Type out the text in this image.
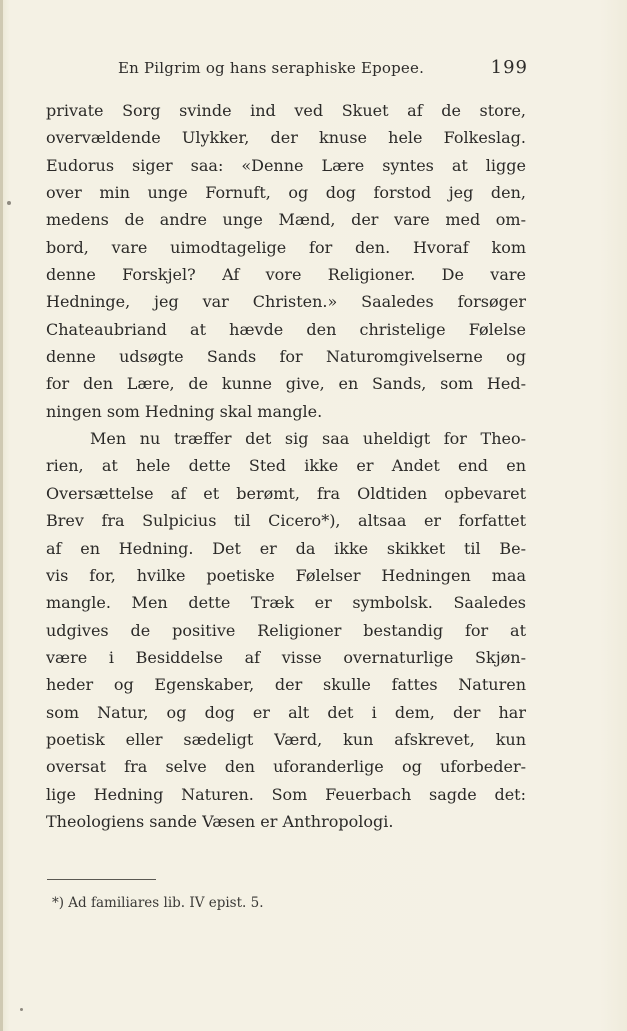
En Pilgrim og hans seraphiske Epopee.	199
private Sorg svinde ind ved Skuet af de store,
overvældende Ulykker, der knuse hele Folkeslag.
Eudorus siger saa: «Denne Lære syntes at ligge
over min unge Fornuft, og dog forstod jeg den,
medens de andre unge Mænd, der vare med om-
bord, vare uimodtagelige for den. Hvoraf kom
denne Forskjel? Af vore Religioner. De vare
Hedninge, jeg var Christen.» Saaledes forsøger
Chateaubriand at hævde den christelige Følelse
denne udsøgte Sands for Naturomgivelserne og
for den Lære, de kunne give, en Sands, som Hed-
ningen som Hedning skal mangle.
Men nu træffer det sig saa uheldigt for Theo-
rien, at hele dette Sted ikke er Andet end en
Oversættelse af et berømt, fra Oldtiden opbevaret
Brev fra Sulpicius til Cicero*), altsaa er forfattet
af en Hedning. Det er da ikke skikket til Be-
vis for, hvilke poetiske Følelser Hedningen maa
mangle. Men dette Træk er symbolsk. Saaledes
udgives de positive Religioner bestandig for at
være i Besiddelse af visse overnaturlige Skjøn-
heder og Egenskaber, der skulle fattes Naturen
som Natur, og dog er alt det i dem, der har
poetisk eller sædeligt Værd, kun afskrevet, kun
oversat fra selve den uforanderlige og uforbeder-
lige Hedning Naturen. Som Feuerbach sagde det:
Theologiens sande Væsen er Anthropologi.
*) Ad familiares lib. IV epist. 5.
